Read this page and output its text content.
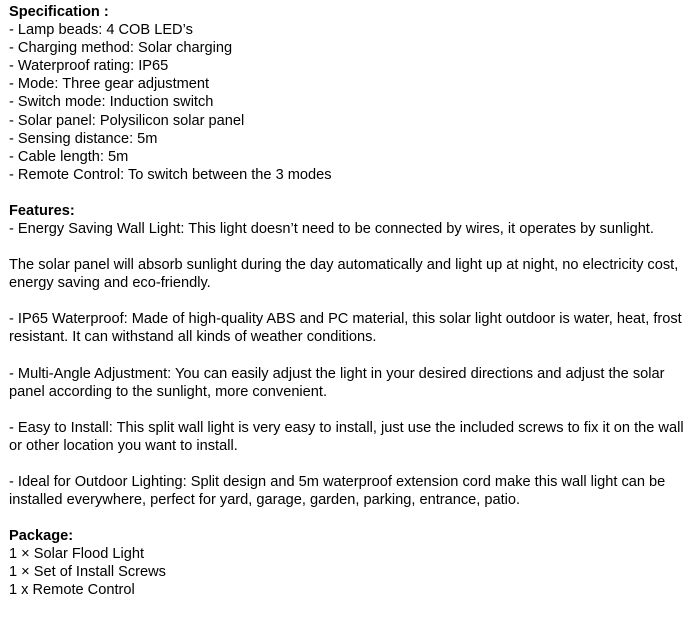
Specification :

- Lamp beads: 4 COB LED’s

- Charging method: Solar charging

- Waterproof rating: IP65

- Mode: Three gear adjustment

- Switch mode: Induction switch

- Solar panel: Polysilicon solar panel

- Sensing distance: 5m

- Cable length: 5m

- Remote Control: To switch between the 3 modes

Features:

- Energy Saving Wall Light: This light doesn’t need to be connected by wires, it operates by sunlight.

The solar panel will absorb sunlight during the day automatically and light up at night, no electricity cost, energy saving and eco-friendly.

- IP65 Waterproof: Made of high-quality ABS and PC material, this solar light outdoor is water, heat, frost resistant. It can withstand all kinds of weather conditions.

- Multi-Angle Adjustment: You can easily adjust the light in your desired directions and adjust the solar panel according to the sunlight, more convenient.

- Easy to Install: This split wall light is very easy to install, just use the included screws to fix it on the wall or other location you want to install.

- Ideal for Outdoor Lighting: Split design and 5m waterproof extension cord make this wall light can be installed everywhere, perfect for yard, garage, garden, parking, entrance, patio.

Package:

1 × Solar Flood Light

1 × Set of Install Screws

1 x Remote Control
